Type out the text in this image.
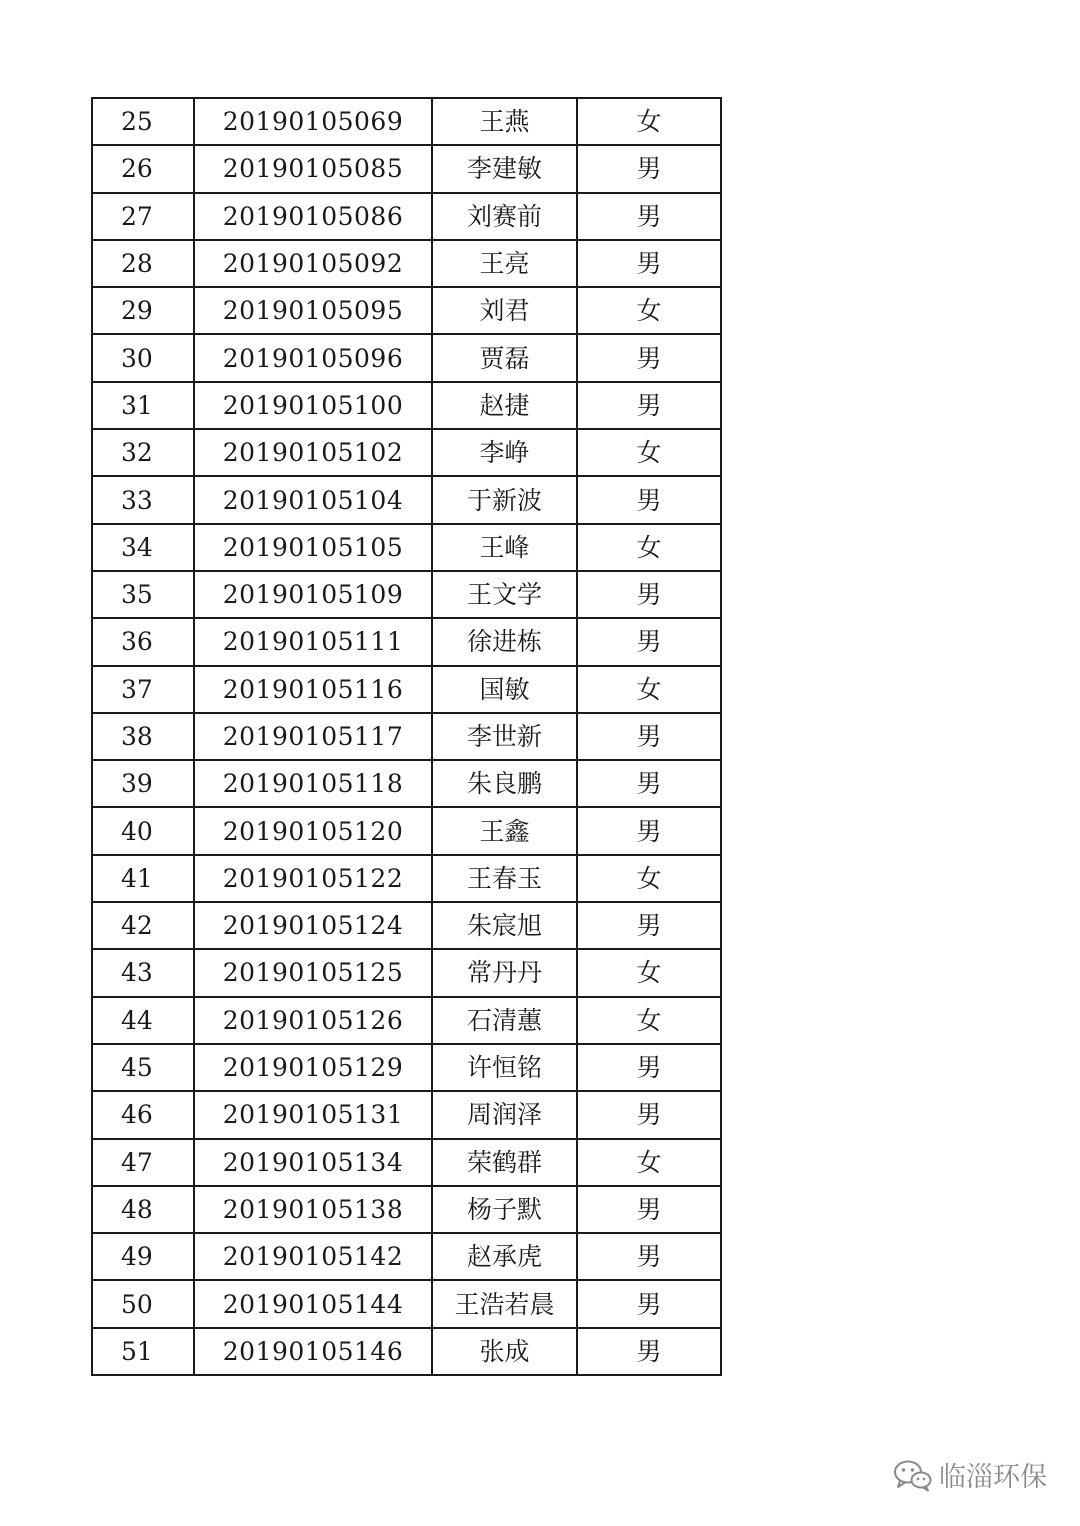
25	20190105069	王燕	女
26	20190105085	李建敏	男
27	20190105086	刘赛前	男
28	20190105092	王亮	男
29	20190105095	刘君	女
30	20190105096	贾磊	男
31	20190105100	赵捷	男
32	20190105102	李峥	女
33	20190105104	于新波	男
34	20190105105	王峰	女
35	20190105109	王文学	男
36	20190105111	徐进栋	男
37	20190105116	国敏	女
38	20190105117	李世新	男
39	20190105118	朱良鹏	男
40	20190105120	王鑫	男
41	20190105122	王春玉	女
42	20190105124	朱宸旭	男
43	20190105125	常丹丹	女
44	20190105126	石清蕙	女
45	20190105129	许恒铭	男
46	20190105131	周润泽	男
47	20190105134	荣鹤群	女
48	20190105138	杨子默	男
49	20190105142	赵承虎	男
50	20190105144	王浩若晨	男
51	20190105146	张成	男
临淄环保
